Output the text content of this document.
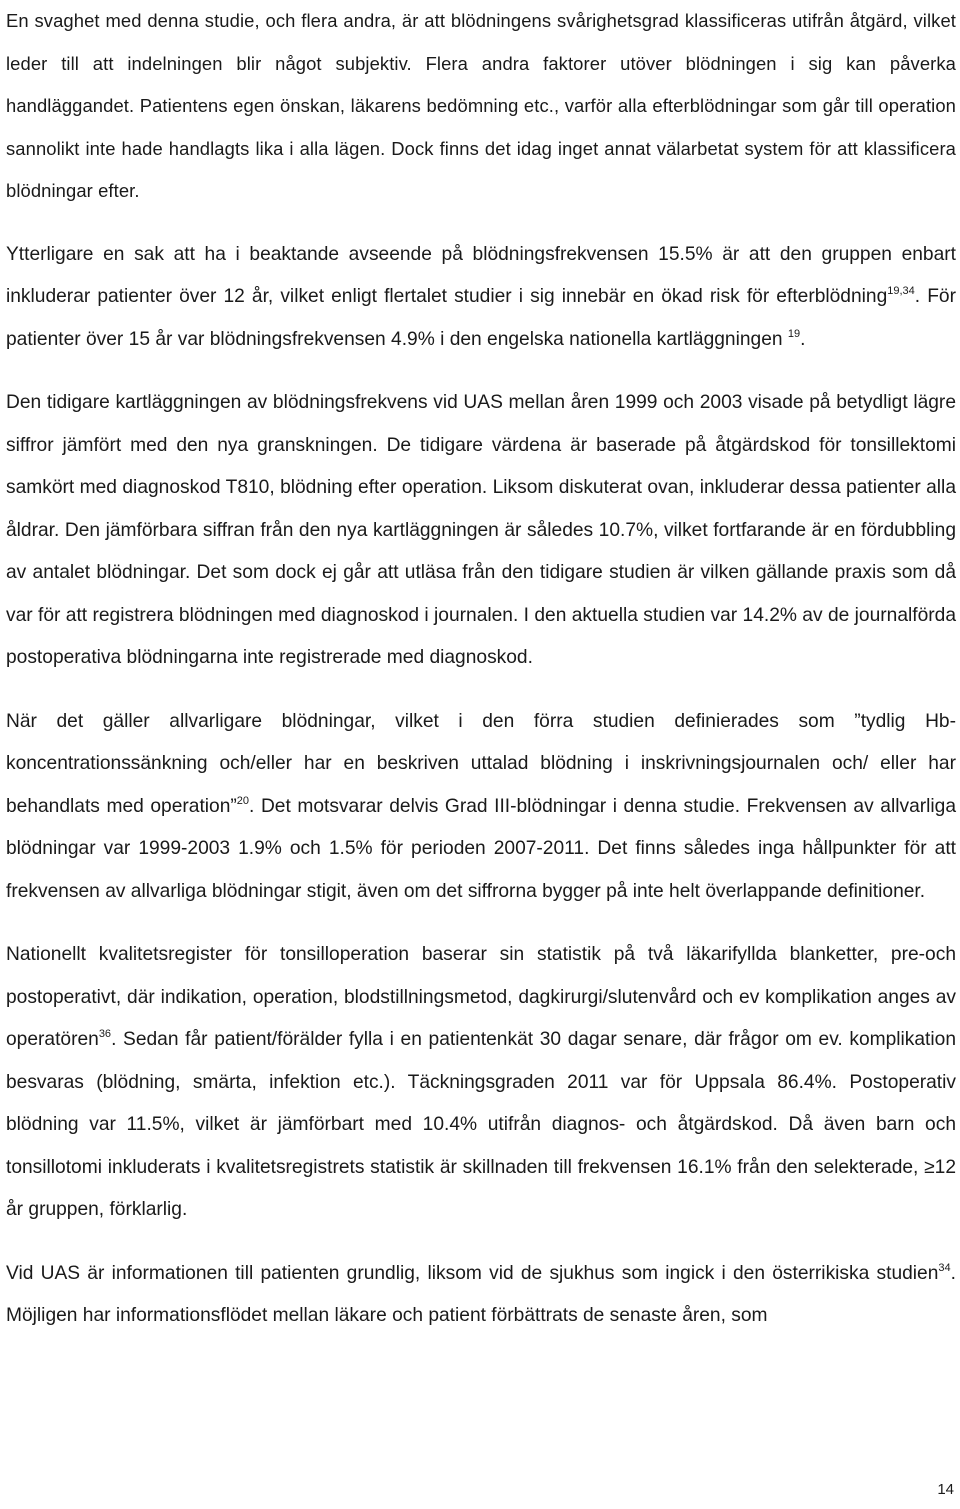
En svaghet med denna studie, och flera andra, är att blödningens svårighetsgrad klassificeras utifrån åtgärd, vilket leder till att indelningen blir något subjektiv. Flera andra faktorer utöver blödningen i sig kan påverka handläggandet. Patientens egen önskan, läkarens bedömning etc., varför alla efterblödningar som går till operation sannolikt inte hade handlagts lika i alla lägen. Dock finns det idag inget annat välarbetat system för att klassificera blödningar efter.

Ytterligare en sak att ha i beaktande avseende på blödningsfrekvensen 15.5% är att den gruppen enbart inkluderar patienter över 12 år, vilket enligt flertalet studier i sig innebär en ökad risk för efterblödning$^{19,34}$. För patienter över 15 år var blödningsfrekvensen 4.9% i den engelska nationella kartläggningen $^{19}$.

Den tidigare kartläggningen av blödningsfrekvens vid UAS mellan åren 1999 och 2003 visade på betydligt lägre siffror jämfört med den nya granskningen. De tidigare värdena är baserade på åtgärdskod för tonsillektomi samkört med diagnoskod T810, blödning efter operation. Liksom diskuterat ovan, inkluderar dessa patienter alla åldrar. Den jämförbara siffran från den nya kartläggningen är således 10.7%, vilket fortfarande är en fördubbling av antalet blödningar. Det som dock ej går att utläsa från den tidigare studien är vilken gällande praxis som då var för att registrera blödningen med diagnoskod i journalen. I den aktuella studien var 14.2% av de journalförda postoperativa blödningarna inte registrerade med diagnoskod.

När det gäller allvarligare blödningar, vilket i den förra studien definierades som ”tydlig Hb-koncentrationssänkning och/eller har en beskriven uttalad blödning i inskrivningsjournalen och/ eller har behandlats med operation”$^{20}$. Det motsvarar delvis Grad III-blödningar i denna studie. Frekvensen av allvarliga blödningar var 1999-2003 1.9% och 1.5% för perioden 2007-2011. Det finns således inga hållpunkter för att frekvensen av allvarliga blödningar stigit, även om det siffrorna bygger på inte helt överlappande definitioner.

Nationellt kvalitetsregister för tonsilloperation baserar sin statistik på två läkarifyllda blanketter, pre-och postoperativt, där indikation, operation, blodstillningsmetod, dagkirurgi/slutenvård och ev komplikation anges av operatören$^{36}$. Sedan får patient/förälder fylla i en patientenkät 30 dagar senare, där frågor om ev. komplikation besvaras (blödning, smärta, infektion etc.). Täckningsgraden 2011 var för Uppsala 86.4%. Postoperativ blödning var 11.5%, vilket är jämförbart med 10.4% utifrån diagnos- och åtgärdskod. Då även barn och tonsillotomi inkluderats i kvalitetsregistrets statistik är skillnaden till frekvensen 16.1% från den selekterade, ≥12 år gruppen, förklarlig.

Vid UAS är informationen till patienten grundlig, liksom vid de sjukhus som ingick i den österrikiska studien$^{34}$. Möjligen har informationsflödet mellan läkare och patient förbättrats de senaste åren, som

14
